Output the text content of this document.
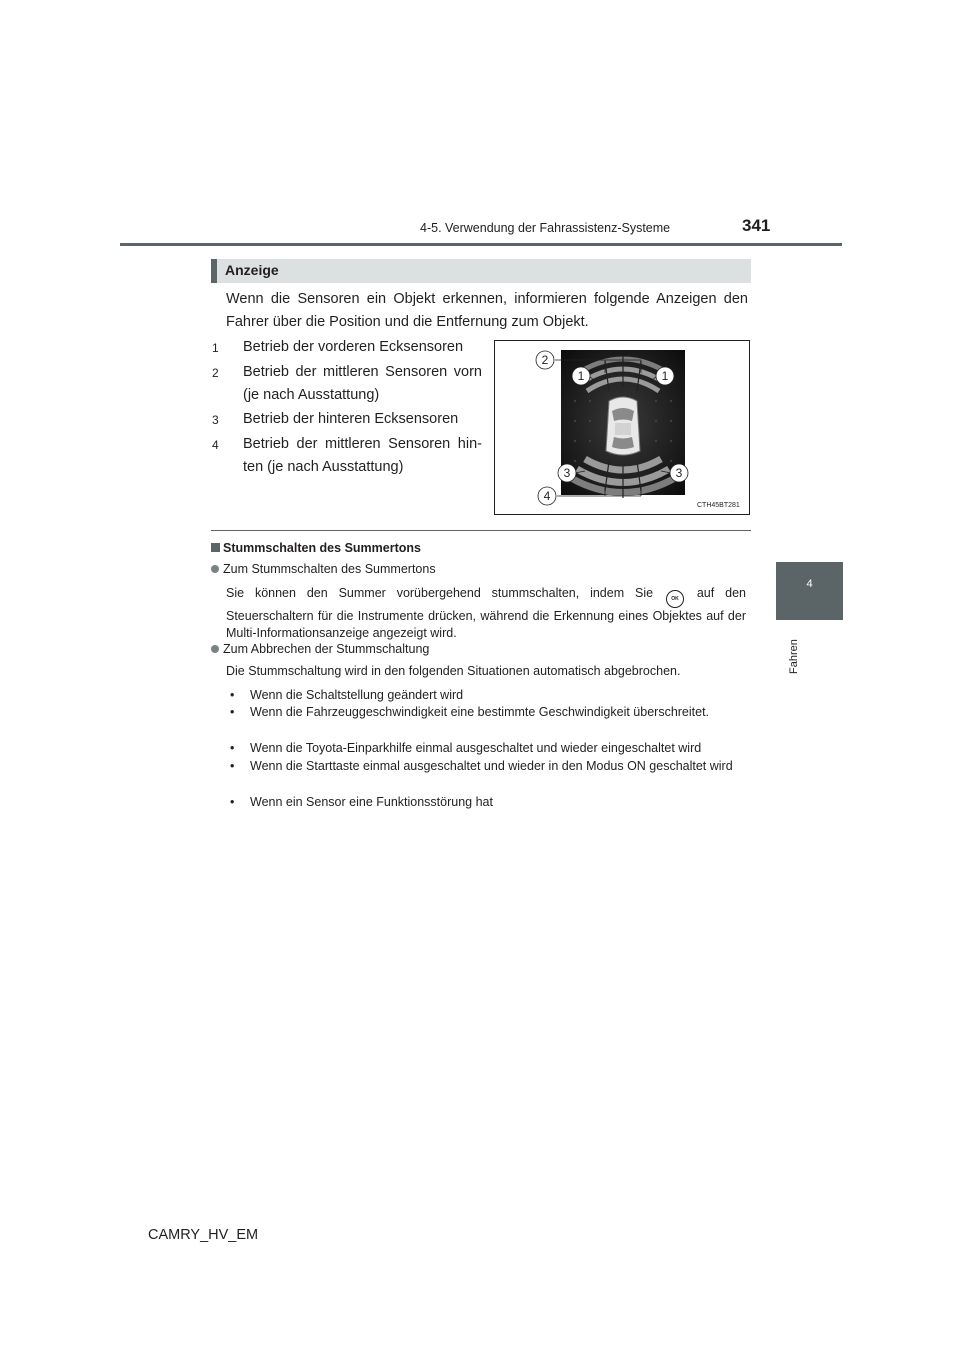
4-5. Verwendung der Fahrassistenz-Systeme	341
4
Fahren
Anzeige
Wenn die Sensoren ein Objekt erkennen, informieren folgende Anzeigen den Fahrer über die Position und die Entfernung zum Objekt.
1	Betrieb der vorderen Ecksensoren
2	Betrieb der mittleren Sensoren vorn (je nach Ausstattung)
3	Betrieb der hinteren Ecksensoren
4	Betrieb der mittleren Sensoren hinten (je nach Ausstattung)
2
1	1
3	3
4
CTH45BT281
Stummschalten des Summertons
Zum Stummschalten des Summertons
Sie können den Summer vorübergehend stummschalten, indem Sie	OK auf den Steuerschaltern für die Instrumente drücken, während die Erkennung eines Objektes auf der Multi-Informationsanzeige angezeigt wird.
Zum Abbrechen der Stummschaltung
Die Stummschaltung wird in den folgenden Situationen automatisch abgebrochen.
• Wenn die Schaltstellung geändert wird
• Wenn die Fahrzeuggeschwindigkeit eine bestimmte Geschwindigkeit überschreitet.
• Wenn die Toyota-Einparkhilfe einmal ausgeschaltet und wieder eingeschaltet wird
• Wenn die Starttaste einmal ausgeschaltet und wieder in den Modus ON geschaltet wird
• Wenn ein Sensor eine Funktionsstörung hat
CAMRY_HV_EM
